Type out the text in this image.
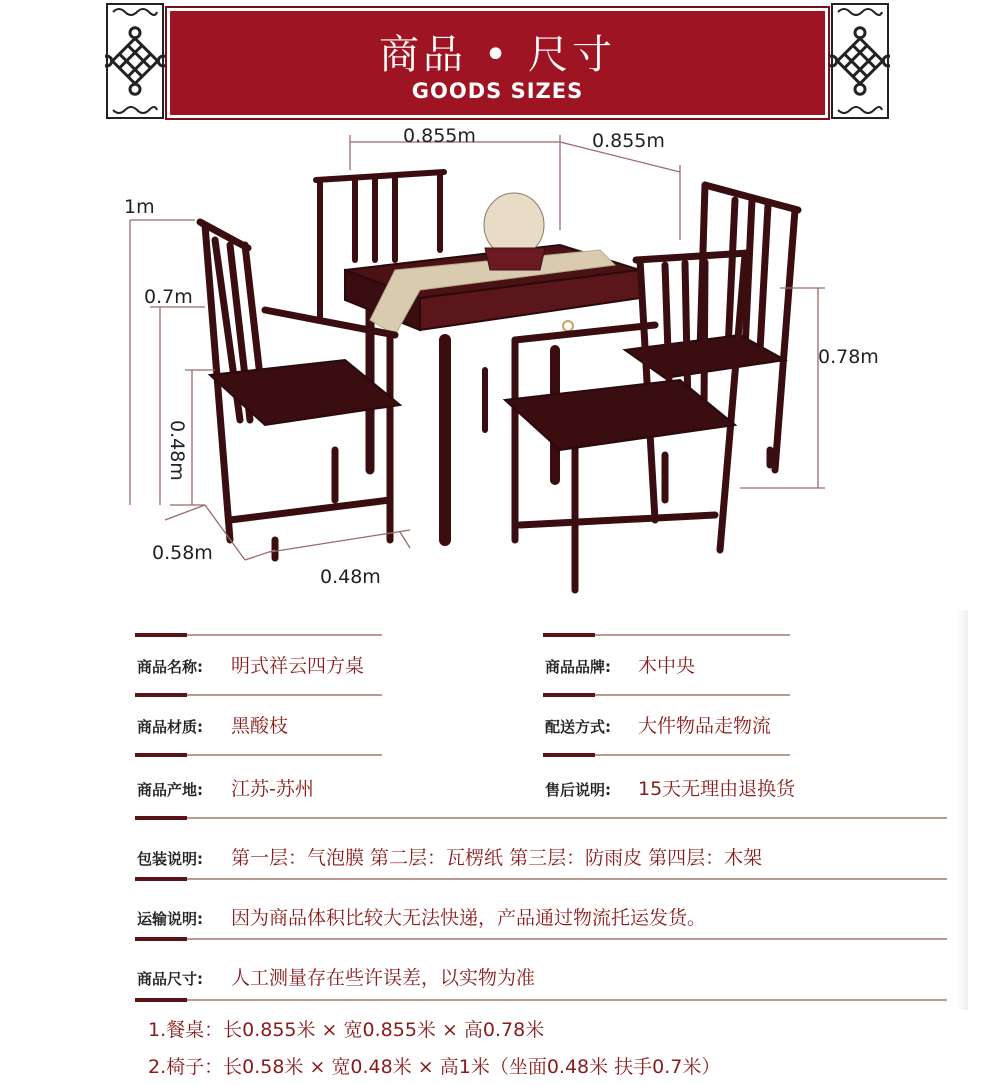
商品 • 尺寸
GOODS SIZES
0.855m	0.855m
1m
0.7m
0.48m
0.78m
0.58m
0.48m
商品名称: 明式祥云四方桌	商品品牌: 木中央
商品材质: 黑酸枝	配送方式: 大件物品走物流
商品产地: 江苏-苏州	售后说明: 15天无理由退换货
包装说明: 第一层：气泡膜 第二层：瓦楞纸 第三层：防雨皮 第四层：木架
运输说明: 因为商品体积比较大无法快递，产品通过物流托运发货。
商品尺寸: 人工测量存在些许误差，以实物为准
1.餐桌：长0.855米 × 宽0.855米 × 高0.78米
2.椅子：长0.58米 × 宽0.48米 × 高1米（坐面0.48米 扶手0.7米）
